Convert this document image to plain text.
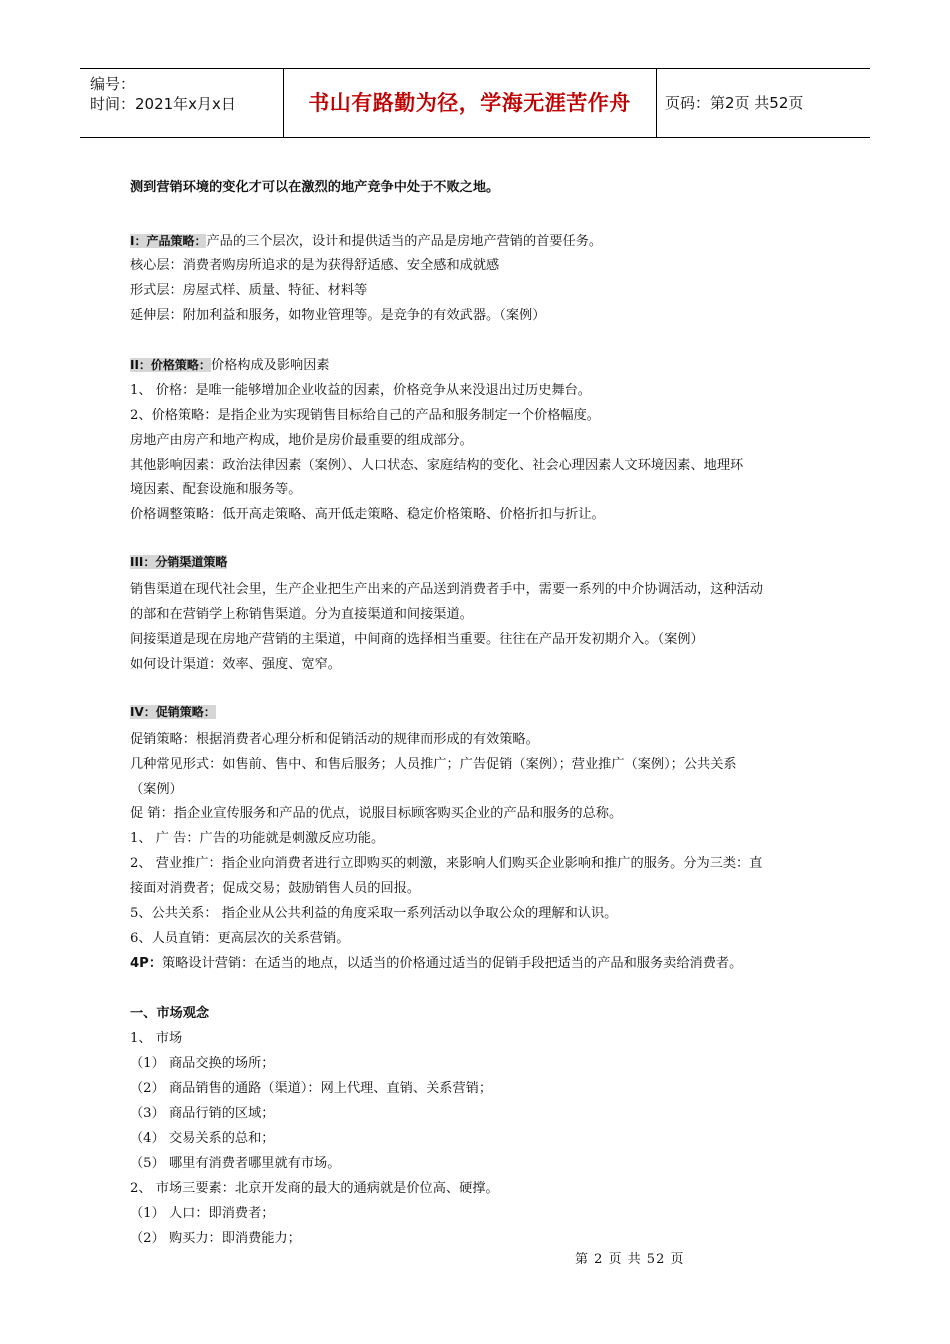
编号：
时间：2021年x月x日	书山有路勤为径，学海无涯苦作舟	页码：第2页 共52页
测到营销环境的变化才可以在激烈的地产竞争中处于不败之地。
I：产品策略：产品的三个层次，设计和提供适当的产品是房地产营销的首要任务。
核心层：消费者购房所追求的是为获得舒适感、安全感和成就感
形式层：房屋式样、质量、特征、材料等
延伸层：附加利益和服务，如物业管理等。是竞争的有效武器。（案例）
II：价格策略：价格构成及影响因素
1、 价格：是唯一能够增加企业收益的因素，价格竞争从来没退出过历史舞台。
2、价格策略：是指企业为实现销售目标给自己的产品和服务制定一个价格幅度。
房地产由房产和地产构成，地价是房价最重要的组成部分。
其他影响因素：政治法律因素（案例）、人口状态、家庭结构的变化、社会心理因素人文环境因素、地理环
境因素、配套设施和服务等。
价格调整策略：低开高走策略、高开低走策略、稳定价格策略、价格折扣与折让。
III：分销渠道策略
销售渠道在现代社会里，生产企业把生产出来的产品送到消费者手中，需要一系列的中介协调活动，这种活动
的部和在营销学上称销售渠道。分为直接渠道和间接渠道。
间接渠道是现在房地产营销的主渠道，中间商的选择相当重要。往往在产品开发初期介入。（案例）
如何设计渠道：效率、强度、宽窄。
IV：促销策略：
促销策略：根据消费者心理分析和促销活动的规律而形成的有效策略。
几种常见形式：如售前、售中、和售后服务；人员推广；广告促销（案例）；营业推广（案例）；公共关系
（案例）
促 销：指企业宣传服务和产品的优点，说服目标顾客购买企业的产品和服务的总称。
1、 广 告：广告的功能就是刺激反应功能。
2、 营业推广：指企业向消费者进行立即购买的刺激，来影响人们购买企业影响和推广的服务。分为三类：直
接面对消费者；促成交易；鼓励销售人员的回报。
5、公共关系： 指企业从公共利益的角度采取一系列活动以争取公众的理解和认识。
6、人员直销：更高层次的关系营销。
4P：策略设计营销：在适当的地点，以适当的价格通过适当的促销手段把适当的产品和服务卖给消费者。
一、市场观念
1、 市场
（1） 商品交换的场所；
（2） 商品销售的通路（渠道）：网上代理、直销、关系营销；
（3） 商品行销的区域；
（4） 交易关系的总和；
（5） 哪里有消费者哪里就有市场。
2、 市场三要素：北京开发商的最大的通病就是价位高、硬撑。
（1） 人口：即消费者；
（2） 购买力：即消费能力；
第 2 页 共 52 页
